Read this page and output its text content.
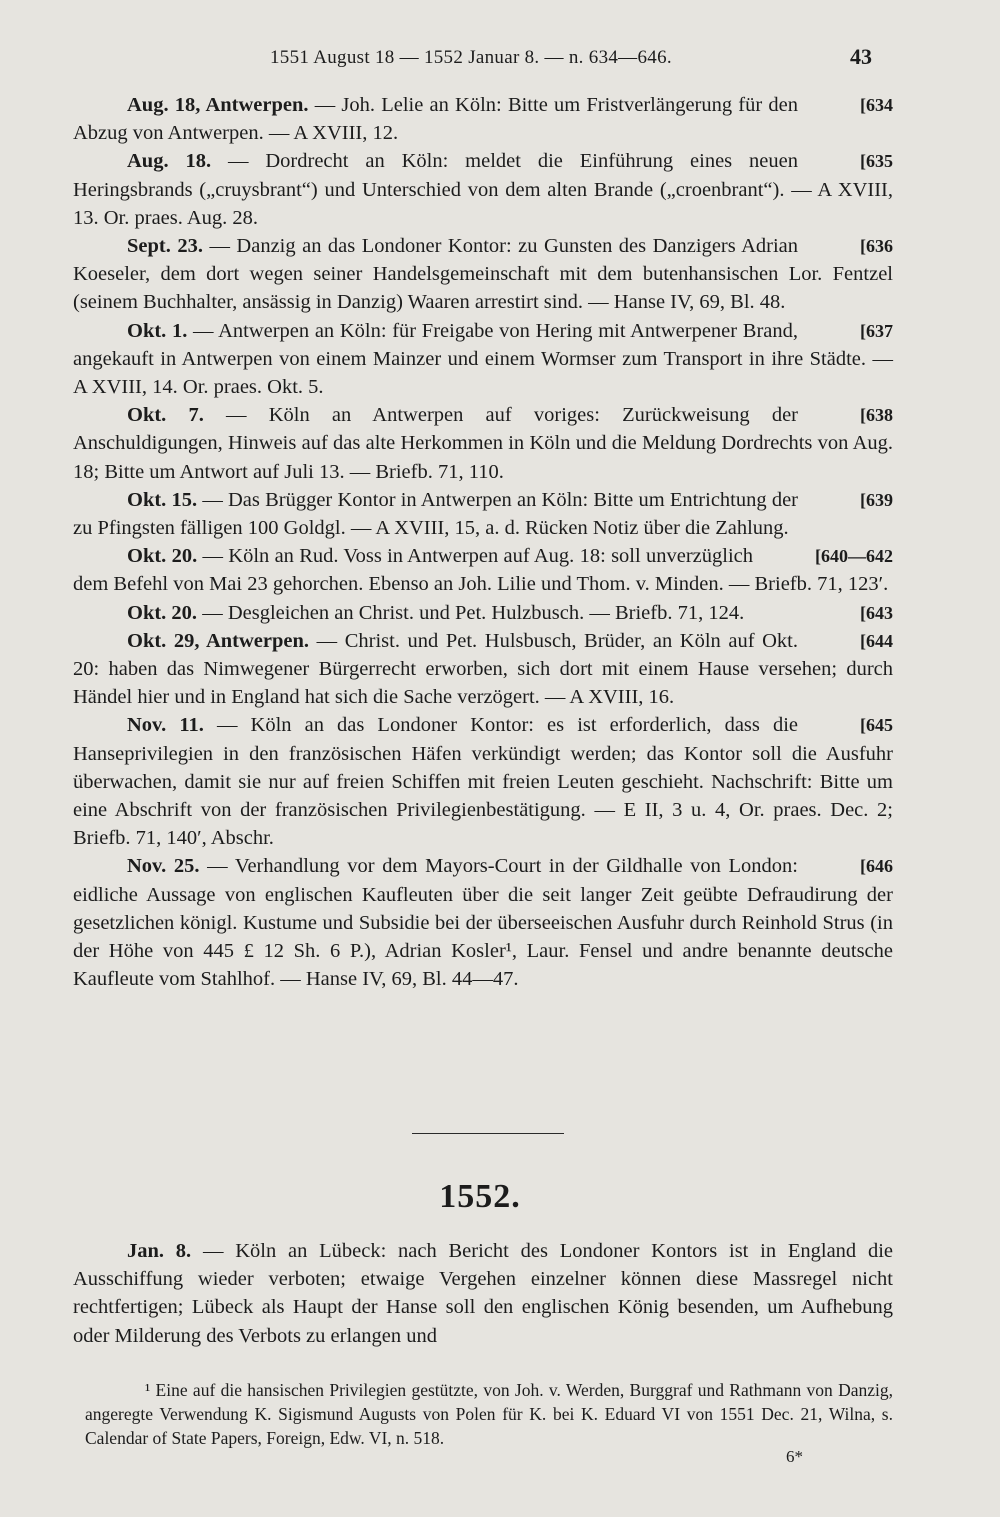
1551 August 18 — 1552 Januar 8. — n. 634—646.	43

[634
Aug. 18, Antwerpen. — Joh. Lelie an Köln: Bitte um Fristverlängerung für den Abzug von Antwerpen. — A XVIII, 12.

[635
Aug. 18. — Dordrecht an Köln: meldet die Einführung eines neuen Heringsbrands („cruysbrant“) und Unterschied von dem alten Brande („croenbrant“). — A XVIII, 13. Or. praes. Aug. 28.

[636
Sept. 23. — Danzig an das Londoner Kontor: zu Gunsten des Danzigers Adrian Koeseler, dem dort wegen seiner Handelsgemeinschaft mit dem butenhansischen Lor. Fentzel (seinem Buchhalter, ansässig in Danzig) Waaren arrestirt sind. — Hanse IV, 69, Bl. 48.

[637
Okt. 1. — Antwerpen an Köln: für Freigabe von Hering mit Antwerpener Brand, angekauft in Antwerpen von einem Mainzer und einem Wormser zum Transport in ihre Städte. — A XVIII, 14. Or. praes. Okt. 5.

[638
Okt. 7. — Köln an Antwerpen auf voriges: Zurückweisung der Anschuldigungen, Hinweis auf das alte Herkommen in Köln und die Meldung Dordrechts von Aug. 18; Bitte um Antwort auf Juli 13. — Briefb. 71, 110.

[639
Okt. 15. — Das Brügger Kontor in Antwerpen an Köln: Bitte um Entrichtung der zu Pfingsten fälligen 100 Goldgl. — A XVIII, 15, a. d. Rücken Notiz über die Zahlung.

[640—642
Okt. 20. — Köln an Rud. Voss in Antwerpen auf Aug. 18: soll unverzüglich dem Befehl von Mai 23 gehorchen. Ebenso an Joh. Lilie und Thom. v. Minden. — Briefb. 71, 123′.

[643
Okt. 20. — Desgleichen an Christ. und Pet. Hulzbusch. — Briefb. 71, 124.

[644
Okt. 29, Antwerpen. — Christ. und Pet. Hulsbusch, Brüder, an Köln auf Okt. 20: haben das Nimwegener Bürgerrecht erworben, sich dort mit einem Hause versehen; durch Händel hier und in England hat sich die Sache verzögert. — A XVIII, 16.

[645
Nov. 11. — Köln an das Londoner Kontor: es ist erforderlich, dass die Hanseprivilegien in den französischen Häfen verkündigt werden; das Kontor soll die Ausfuhr überwachen, damit sie nur auf freien Schiffen mit freien Leuten geschieht. Nachschrift: Bitte um eine Abschrift von der französischen Privilegienbestätigung. — E II, 3 u. 4, Or. praes. Dec. 2; Briefb. 71, 140′, Abschr.

[646
Nov. 25. — Verhandlung vor dem Mayors-Court in der Gildhalle von London: eidliche Aussage von englischen Kaufleuten über die seit langer Zeit geübte Defraudirung der gesetzlichen königl. Kustume und Subsidie bei der überseeischen Ausfuhr durch Reinhold Strus (in der Höhe von 445 £ 12 Sh. 6 P.), Adrian Kosler¹, Laur. Fensel und andre benannte deutsche Kaufleute vom Stahlhof. — Hanse IV, 69, Bl. 44—47.

1552.

Jan. 8. — Köln an Lübeck: nach Bericht des Londoner Kontors ist in England die Ausschiffung wieder verboten; etwaige Vergehen einzelner können diese Massregel nicht rechtfertigen; Lübeck als Haupt der Hanse soll den englischen König besenden, um Aufhebung oder Milderung des Verbots zu erlangen und

¹ Eine auf die hansischen Privilegien gestützte, von Joh. v. Werden, Burggraf und Rathmann von Danzig, angeregte Verwendung K. Sigismund Augusts von Polen für K. bei K. Eduard VI von 1551 Dec. 21, Wilna, s. Calendar of State Papers, Foreign, Edw. VI, n. 518.
6*
